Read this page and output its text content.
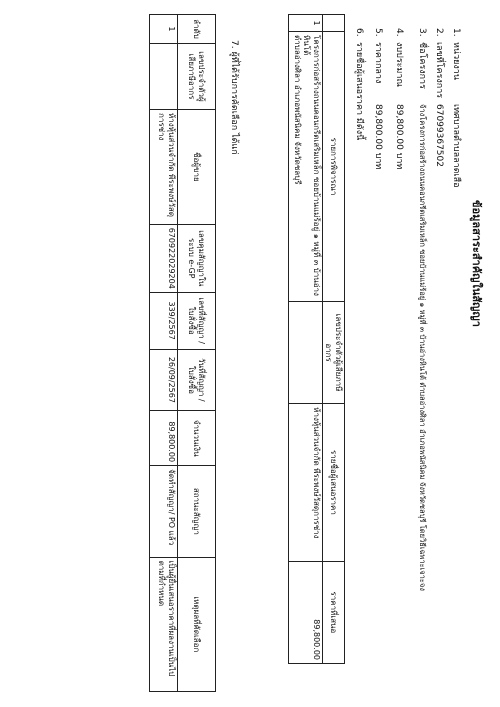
ข้อมูลสาระสำคัญในสัญญา
1.หน่วยงานเทศบาลตำบลลาดเสือ
2.เลขที่โครงการ67099367502
3.ชื่อโครงการจ้างโครงการก่อสร้างถนนคอนกรีตเสริมเหล็ก ซอยบ้านแม่ร้อยู่ ๑ หมู่ที่ ๓ บ้านอ่างหินโต้ ตำบลอ่างศิลา อำเภอพนัสนิคม จังหวัดชลบุรี โดยวิธีเฉพาะเจาะจง
4.งบประมาณ89,800.00 บาท
5.ราคากลาง89,800.00 บาท
6.รายชื่อผู้เสนอราคา มีดังนี้
	รายการพิจารณา	เลขประจำตัวผู้เสียภาษีอากร	รายชื่อผู้เสนอราคา	ราคาที่เสนอ
1	โครงการก่อสร้างถนนคอนกรีตเสริมเหล็ก ซอยบ้านแม่ร้อยู่ ๑ หมู่ที่ ๓ บ้านอ่างหินโต้
ตำบลอ่างศิลา อำเภอพนัสนิคม จังหวัดชลบุรี		ห้างหุ้นส่วนจำกัด พีระพงษ์วัสดุการช่าง	89,800.00
7. ผู้ที่ได้รับการคัดเลือก ได้แก่
ลำดับ	เลขประจำตัวผู้เสียภาษีอากร	ชื่อผู้ขาย	เลขคุมสัญญาในระบบ e-GP	เลขที่สัญญา / ใบสั่งซื้อ	วันที่สัญญา / ใบสั่งซื้อ	จำนวนเงิน	สถานะสัญญา	เหตุผลที่คัดเลือก
1		ห้างหุ้นส่วนจำกัด พีระพงษ์วัสดุ
การช่าง	670922029204	339/2567	26/09/2567	89,800.00	จัดทำสัญญา/ PO แล้ว	เป็นผู้ยื่นเสนอราคาที่ผลงานเป็นไปตามที่กำหนด
